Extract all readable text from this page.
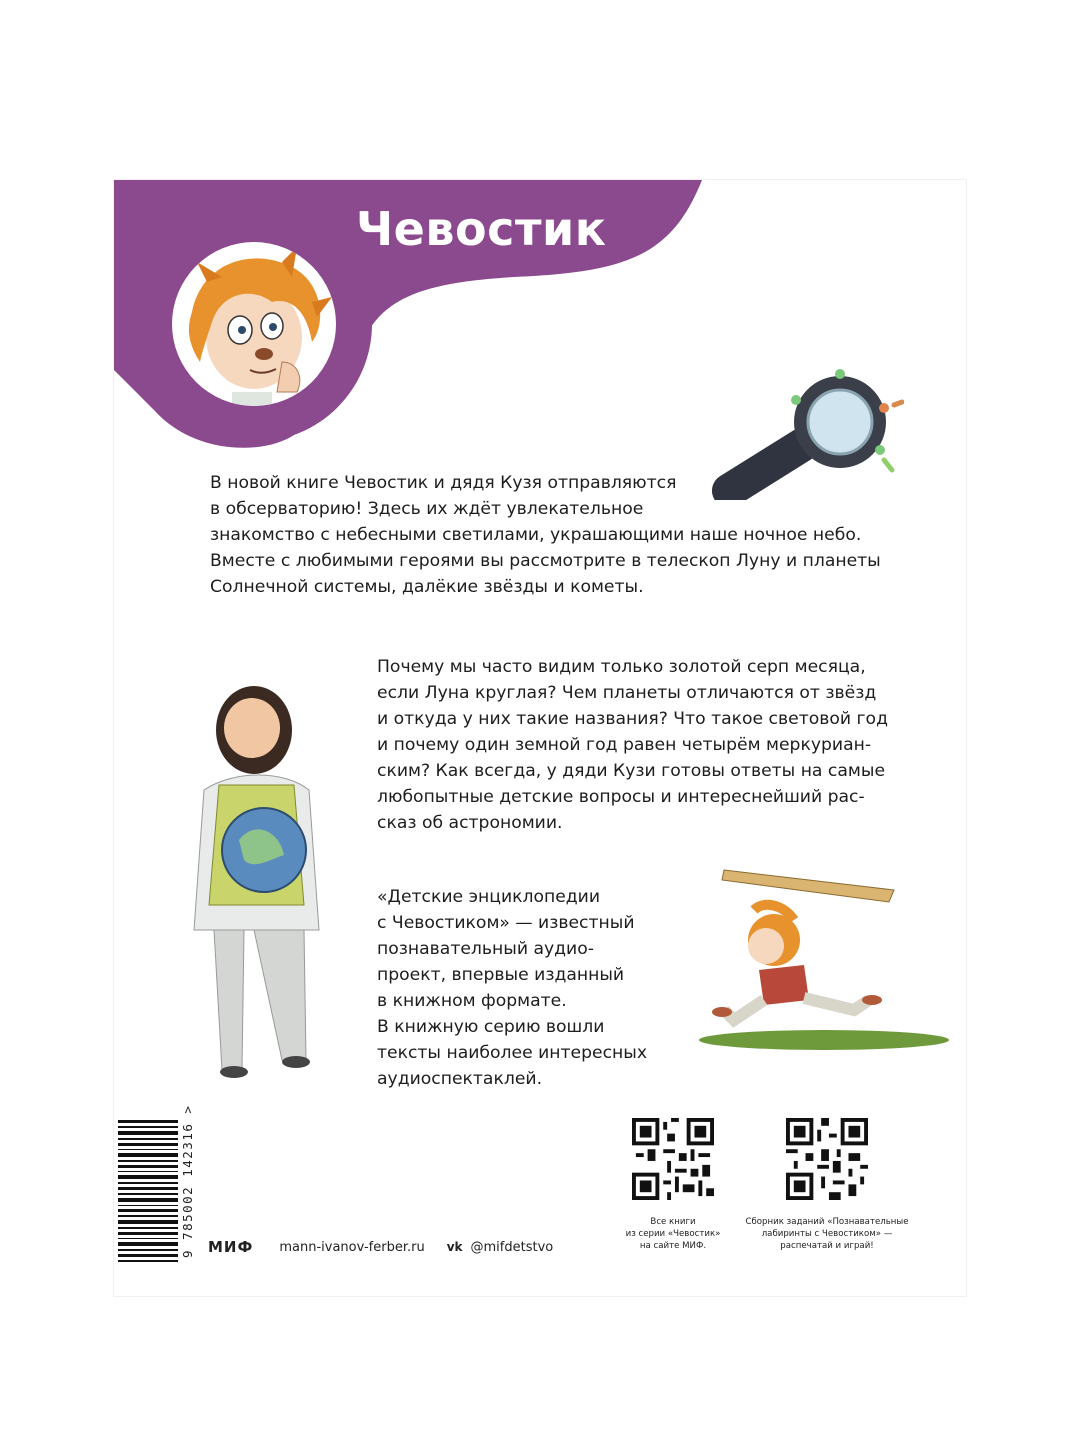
Чевостик

В новой книге Чевостик и дядя Кузя отправляются
в обсерваторию! Здесь их ждёт увлекательное
знакомство с небесными светилами, украшающими наше ночное небо.
Вместе с любимыми героями вы рассмотрите в телескоп Луну и планеты
Солнечной системы, далёкие звёзды и кометы.

Почему мы часто видим только золотой серп месяца,
если Луна круглая? Чем планеты отличаются от звёзд
и откуда у них такие названия? Что такое световой год
и почему один земной год равен четырём меркуриан-
ским? Как всегда, у дяди Кузи готовы ответы на самые
любопытные детские вопросы и интереснейший рас-
сказ об астрономии.

«Детские энциклопедии
с Чевостиком» — известный
познавательный аудио-
проект, впервые изданный
в книжном формате.
В книжную серию вошли
тексты наиболее интересных
аудиоспектаклей.

9 785002 142316 > МИФ mann-ivanov-ferber.ru vk @mifdetstvo
Все книги
из серии «Чевостик»
на сайте МИФ.
Сборник заданий «Познавательные
лабиринты с Чевостиком» —
распечатай и играй!
